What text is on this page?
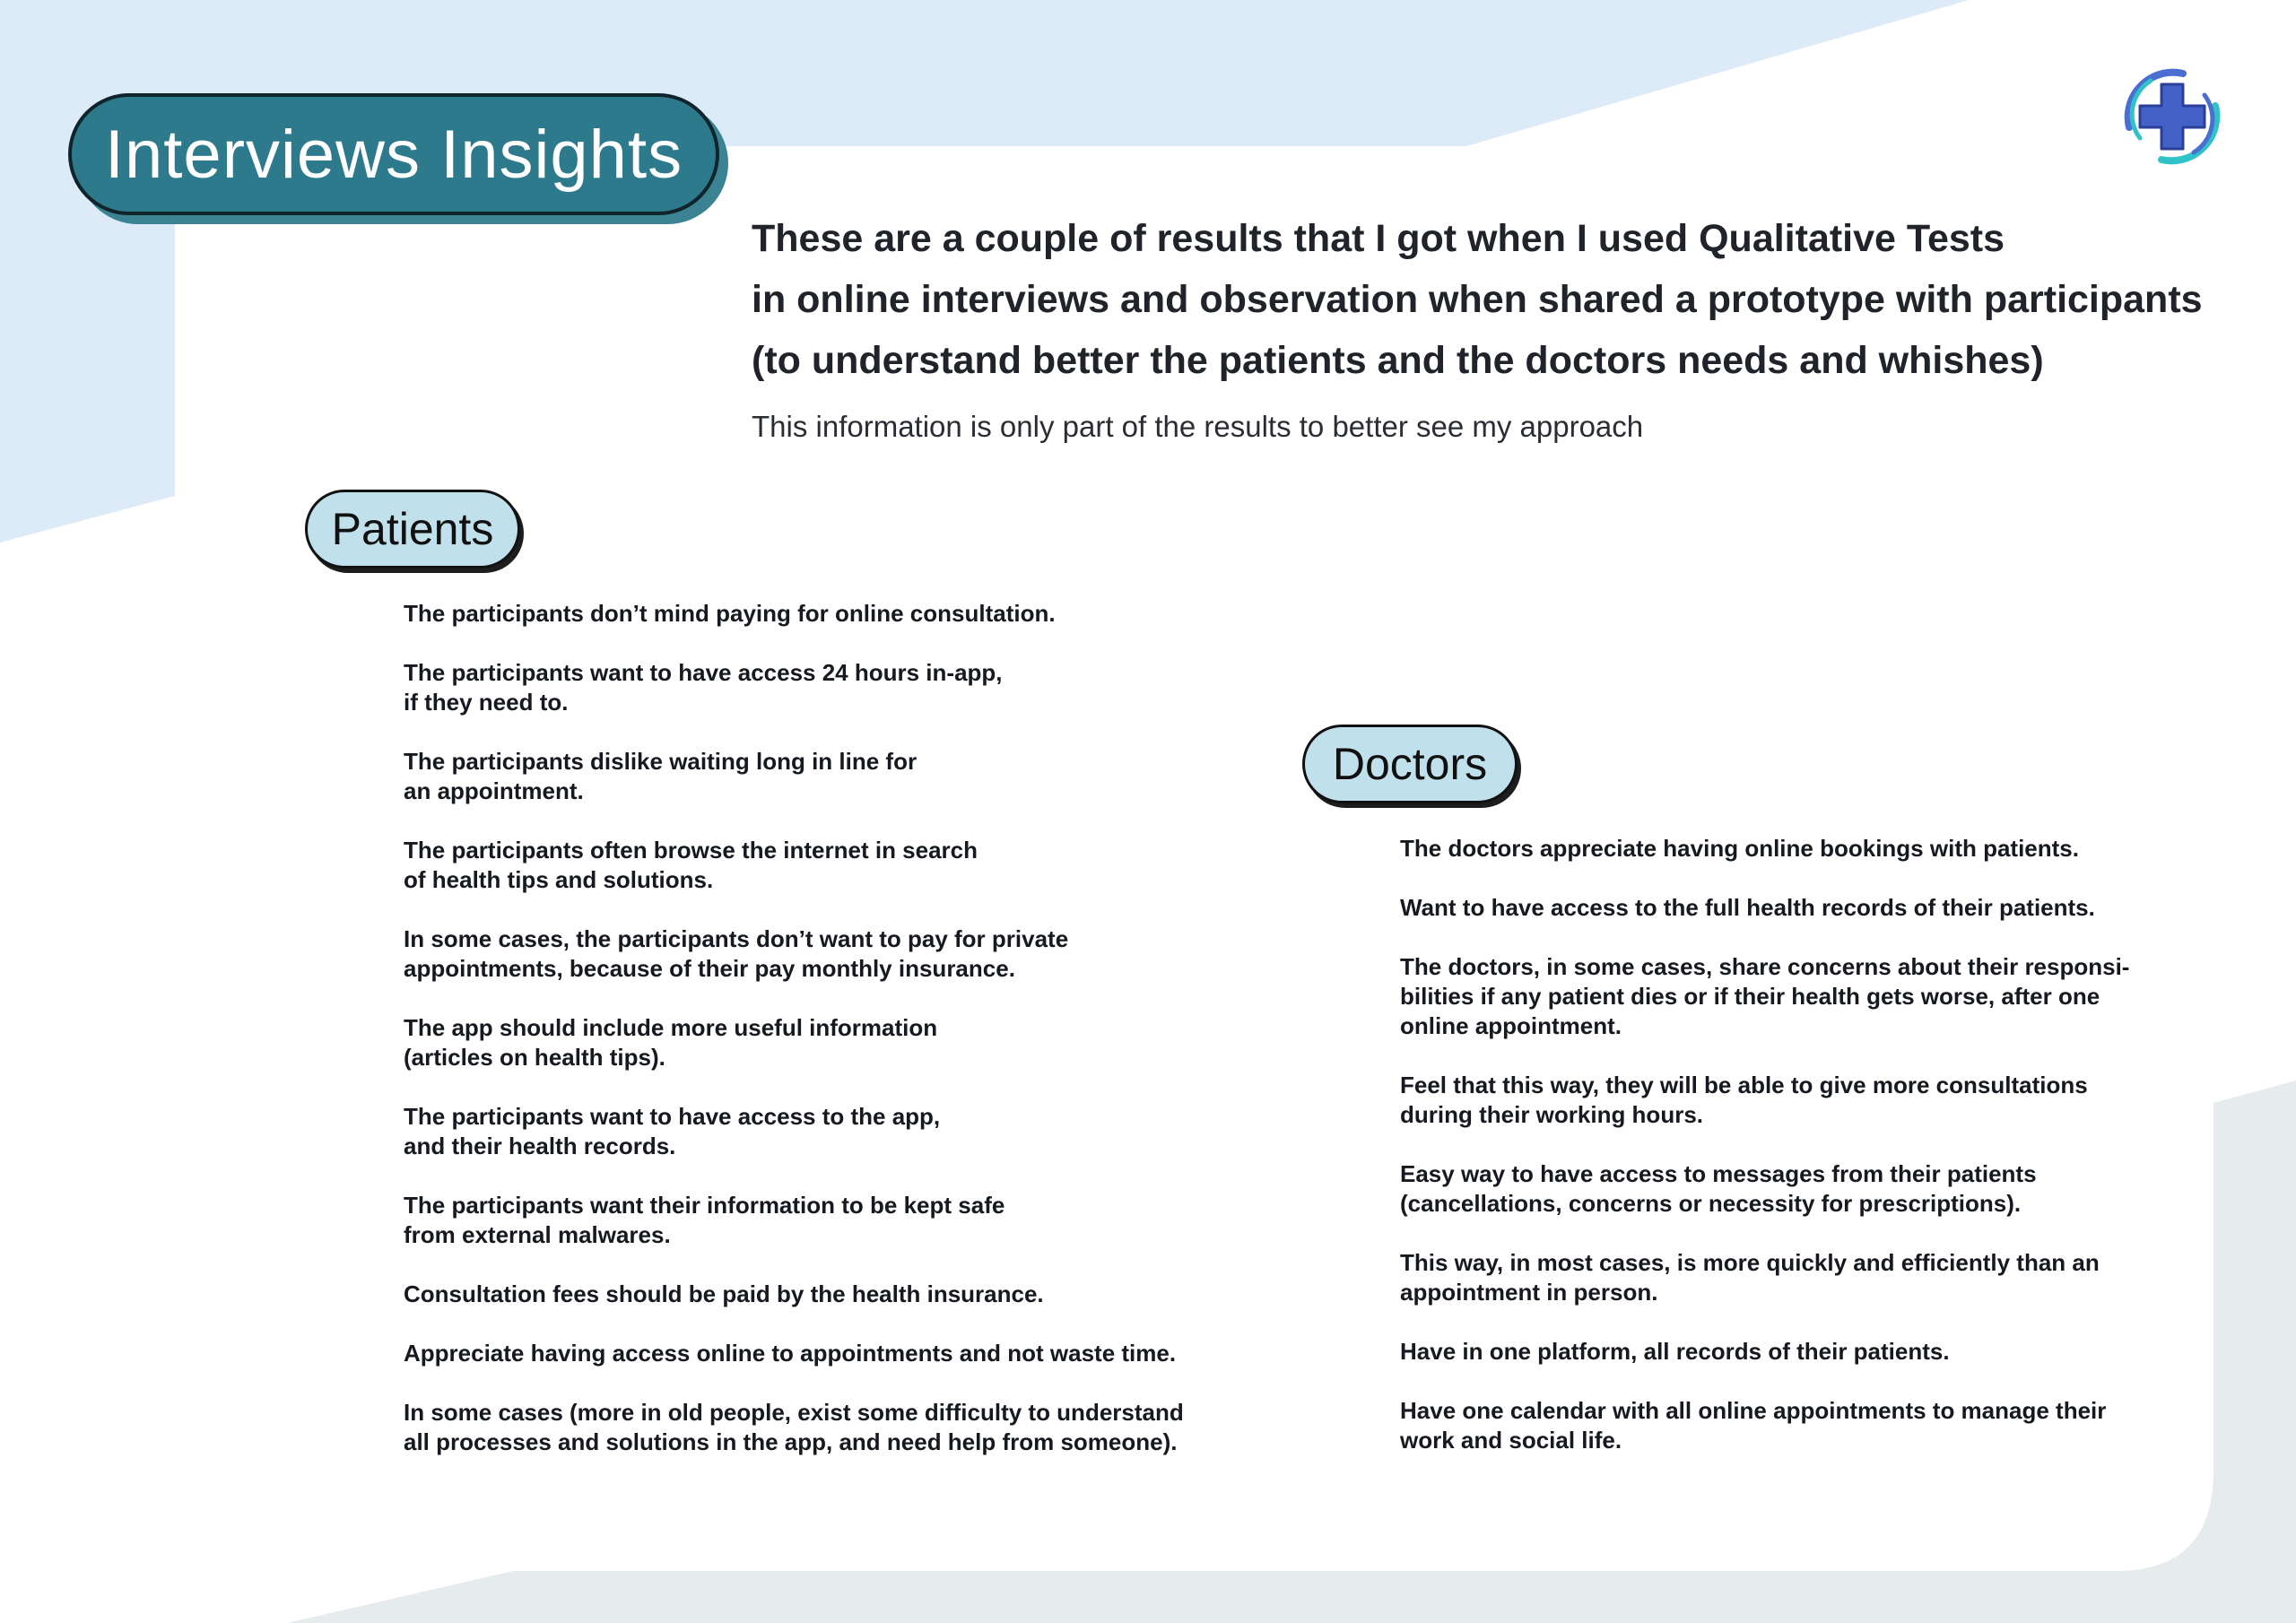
Interviews Insights

These are a couple of results that I got when I used Qualitative Tests

in online interviews and observation when shared a prototype with participants

(to understand better the patients and the doctors needs and whishes)

This information is only part of the results to better see my approach

Patients
The participants don’t mind paying for online consultation.
The participants want to have access 24 hours in-app,
if they need to.
The participants dislike waiting long in line for
an appointment.
The participants often browse the internet in search
of health tips and solutions.
In some cases, the participants don’t want to pay for private
appointments, because of their pay monthly insurance.
The app should include more useful information
(articles on health tips).
The participants want to have access to the app,
and their health records.
The participants want their information to be kept safe
from external malwares.
Consultation fees should be paid by the health insurance.
Appreciate having access online to appointments and not waste time.
In some cases (more in old people, exist some difficulty to understand
all processes and solutions in the app, and need help from someone).
Doctors
The doctors appreciate having online bookings with patients.
Want to have access to the full health records of their patients.
The doctors, in some cases, share concerns about their responsi-
bilities if any patient dies or if their health gets worse, after one
online appointment.
Feel that this way, they will be able to give more consultations
during their working hours.
Easy way to have access to messages from their patients
(cancellations, concerns or necessity for prescriptions).
This way, in most cases, is more quickly and efficiently than an
appointment in person.
Have in one platform, all records of their patients.
Have one calendar with all online appointments to manage their
work and social life.
